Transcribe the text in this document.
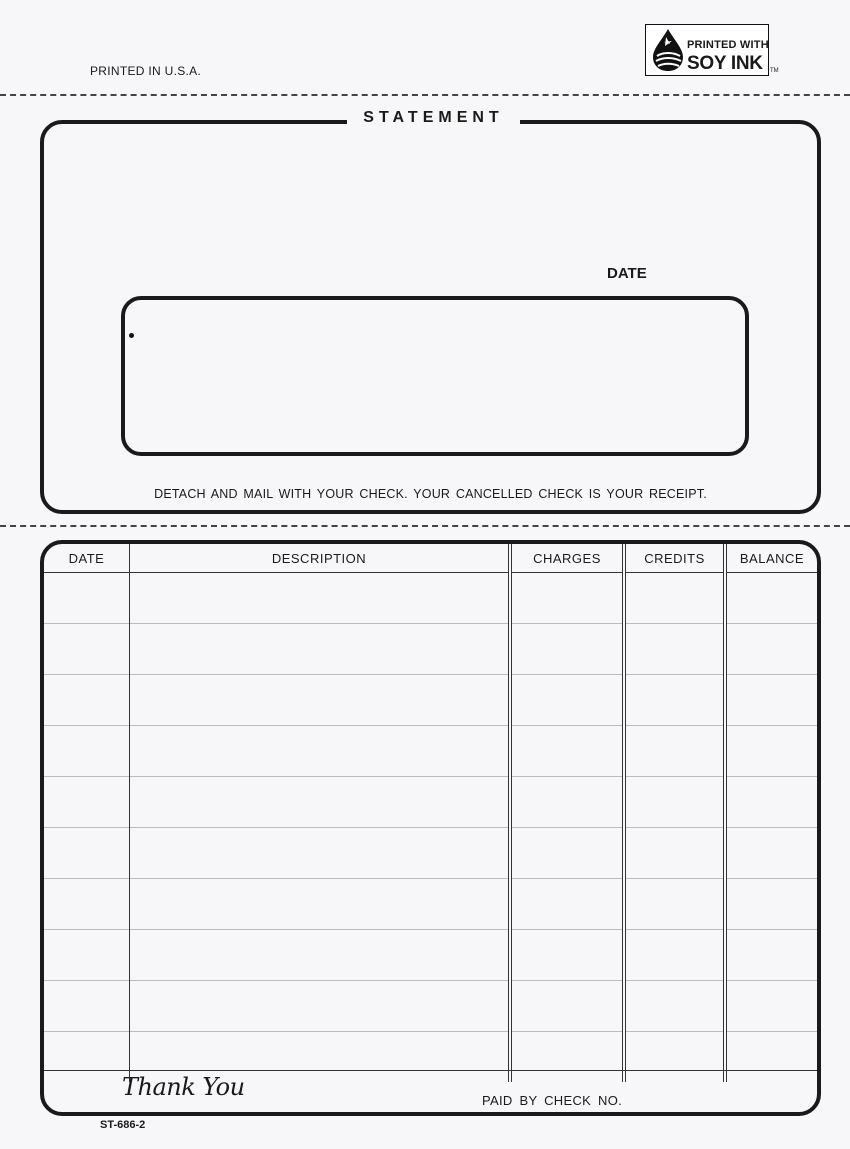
PRINTED IN U.S.A.
PRINTED WITH
SOY INK TM
STATEMENT
DATE
DETACH AND MAIL WITH YOUR CHECK. YOUR CANCELLED CHECK IS YOUR RECEIPT.
DATE	DESCRIPTION	CHARGES	CREDITS	BALANCE

Thank You	PAID BY CHECK NO.
ST-686-2
